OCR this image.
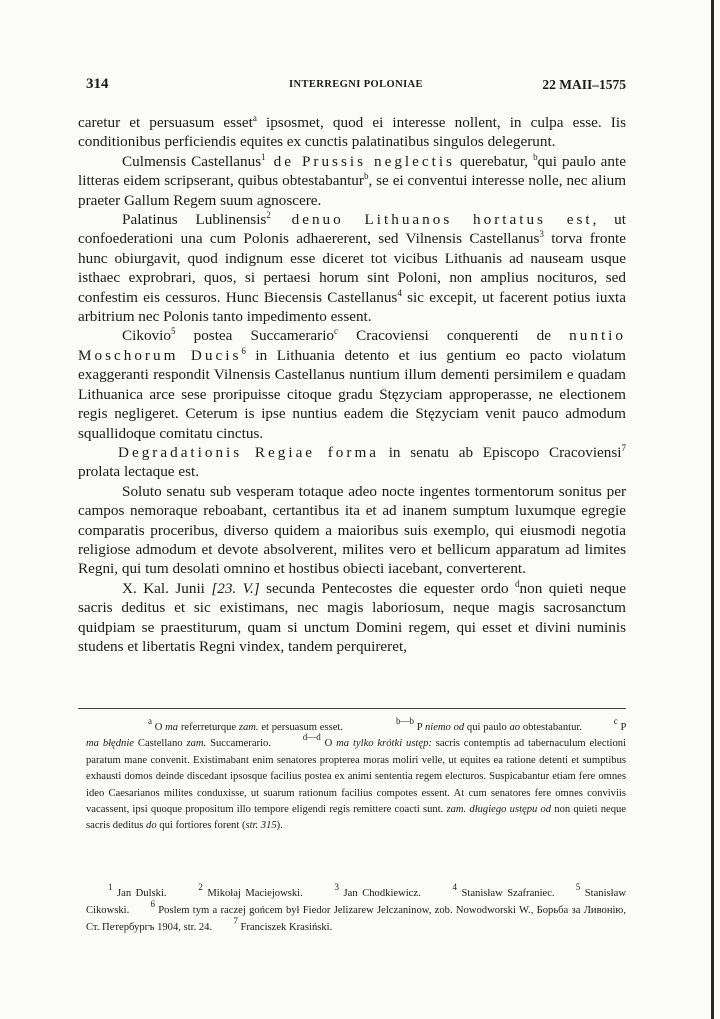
314	INTERREGNI POLONIAE	22 MAII–1575

caretur et persuasum esset$^a$ ipsosmet, quod ei interesse nollent, in culpa esse. Iis conditionibus perficiendis equites ex cunctis palatinatibus singulos delegerunt.

Culmensis Castellanus$^1$ de Prussis neglectis querebatur, $^b$qui paulo ante litteras eidem scripserant, quibus obtestabantur$^b$, se ei conventui interesse nolle, nec alium praeter Gallum Regem suum agnoscere.

Palatinus Lublinensis$^2$ denuo Lithuanos hortatus est, ut confoederationi una cum Polonis adhaererent, sed Vilnensis Castellanus$^3$ torva fronte hunc obiurgavit, quod indignum esse diceret tot vicibus Lithuanis ad nauseam usque isthaec exprobrari, quos, si pertaesi horum sint Poloni, non amplius nocituros, sed confestim eis cessuros. Hunc Biecensis Castellanus$^4$ sic excepit, ut facerent potius iuxta arbitrium nec Polonis tanto impedimento essent.

Cikovio$^5$ postea Succamerario$^c$ Cracoviensi conquerenti de nuntio Moschorum Ducis$^6$ in Lithuania detento et ius gentium eo pacto violatum exaggeranti respondit Vilnensis Castellanus nuntium illum dementi persimilem e quadam Lithuanica arce sese proripuisse citoque gradu Stęzyciam approperasse, ne electionem regis negligeret. Ceterum is ipse nuntius eadem die Stęzyciam venit pauco admodum squallidoque comitatu cinctus.

Degradationis Regiae forma in senatu ab Episcopo Cracoviensi$^7$ prolata lectaque est.

Soluto senatu sub vesperam totaque adeo nocte ingentes tormentorum sonitus per campos nemoraque reboabant, certantibus ita et ad inanem sumptum luxumque egregie comparatis proceribus, diverso quidem a maioribus suis exemplo, qui eiusmodi negotia religiose admodum et devote absolverent, milites vero et bellicum apparatum ad limites Regni, qui tum desolati omnino et hostibus obiecti iacebant, converterent.

X. Kal. Junii [23. V.] secunda Pentecostes die equester ordo $^d$non quieti neque sacris deditus et sic existimans, nec magis laboriosum, neque magis sacrosanctum quidpiam se praestiturum, quam si unctum Domini regem, qui esset et divini numinis studens et libertatis Regni vindex, tandem perquireret,

$^a$ O ma referreturque zam. et persuasum esset.     $^{b—b}$ P niemo od qui paulo ao obtestabantur.   $^c$ P ma błędnie Castellano zam. Succamerario.   $^{d—d}$ O ma tylko krótki ustęp: sacris contemptis ad tabernaculum electioni paratum mane convenit. Existimabant enim senatores propterea moras moliri velle, ut equites ea ratione detenti et sumptibus exhausti domos deinde discedant ipsosque facilius postea ex animi sententia regem electuros. Suspicabantur etiam fere omnes ideo Caesarianos milites conduxisse, ut suarum rationum facilius compotes essent. At cum senatores fere omnes conviviis vacassent, ipsi quoque propositum illo tempore eligendi regis remittere coacti sunt. zam. długiego ustępu od non quieti neque sacris deditus do qui fortiores forent (str. 315).

$^1$ Jan Dulski.   $^2$ Mikołaj Maciejowski.   $^3$ Jan Chodkiewicz.   $^4$ Stanisław Szafraniec.  $^5$ Stanisław Cikowski.  $^6$ Poslem tym a raczej gońcem był Fiedor Jelizarew Jelczaninow, zob. Nowodworski W., Борьба за Ливонію, Ст. Петербургъ 1904, str. 24.  $^7$ Franciszek Krasiński.
